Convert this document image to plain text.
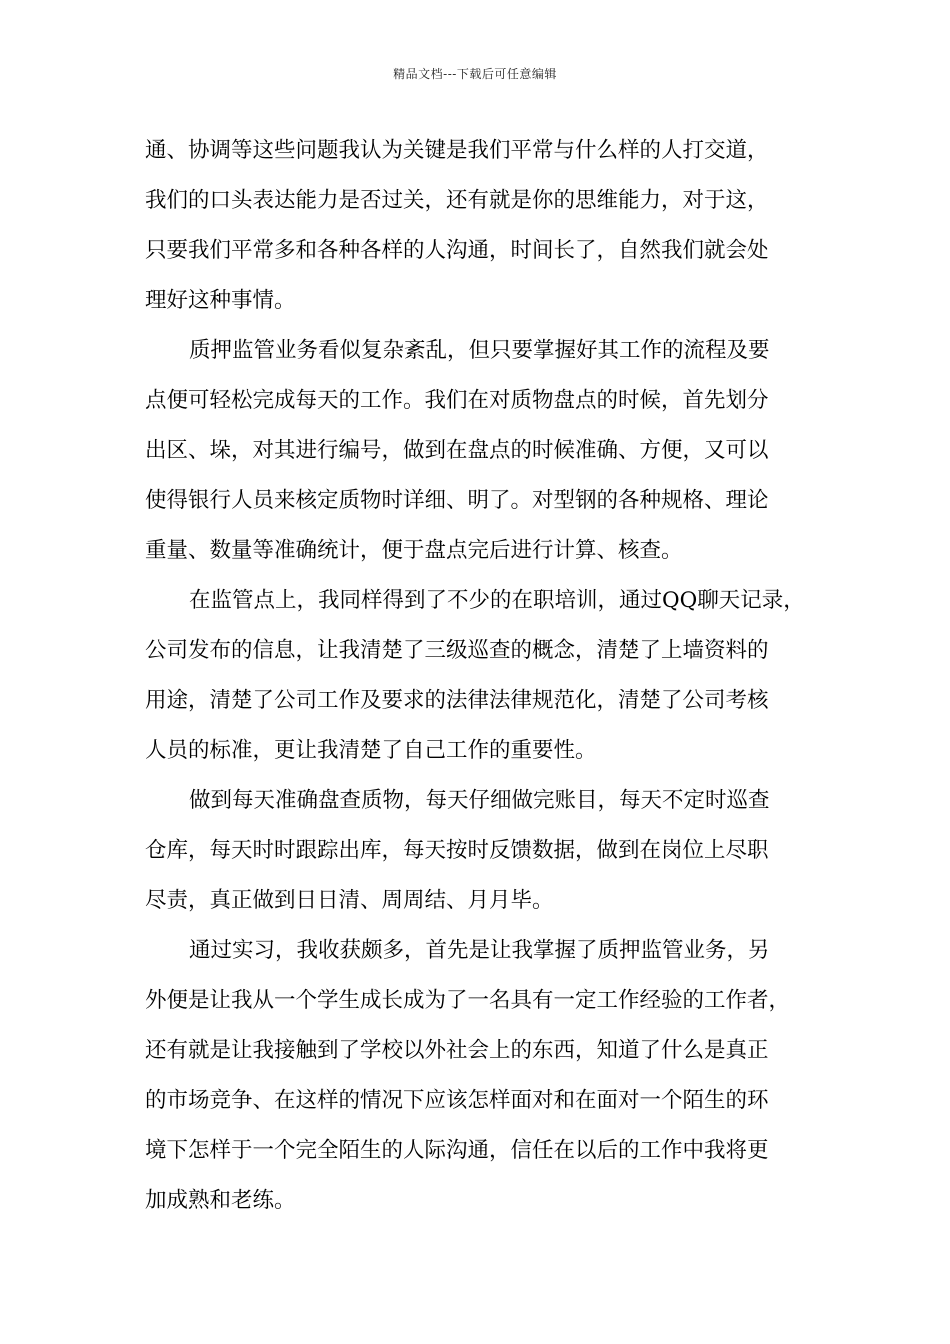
精品文档---下载后可任意编辑
通、协调等这些问题我认为关键是我们平常与什么样的人打交道，
我们的口头表达能力是否过关，还有就是你的思维能力，对于这，
只要我们平常多和各种各样的人沟通，时间长了，自然我们就会处
理好这种事情。
质押监管业务看似复杂紊乱，但只要掌握好其工作的流程及要
点便可轻松完成每天的工作。我们在对质物盘点的时候，首先划分
出区、垛，对其进行编号，做到在盘点的时候准确、方便，又可以
使得银行人员来核定质物时详细、明了。对型钢的各种规格、理论
重量、数量等准确统计，便于盘点完后进行计算、核查。
在监管点上，我同样得到了不少的在职培训，通过QQ聊天记录，
公司发布的信息，让我清楚了三级巡查的概念，清楚了上墙资料的
用途，清楚了公司工作及要求的法律法律规范化，清楚了公司考核
人员的标准，更让我清楚了自己工作的重要性。
做到每天准确盘查质物，每天仔细做完账目，每天不定时巡查
仓库，每天时时跟踪出库，每天按时反馈数据，做到在岗位上尽职
尽责，真正做到日日清、周周结、月月毕。
通过实习，我收获颇多，首先是让我掌握了质押监管业务，另
外便是让我从一个学生成长成为了一名具有一定工作经验的工作者，
还有就是让我接触到了学校以外社会上的东西，知道了什么是真正
的市场竞争、在这样的情况下应该怎样面对和在面对一个陌生的环
境下怎样于一个完全陌生的人际沟通，信任在以后的工作中我将更
加成熟和老练。
